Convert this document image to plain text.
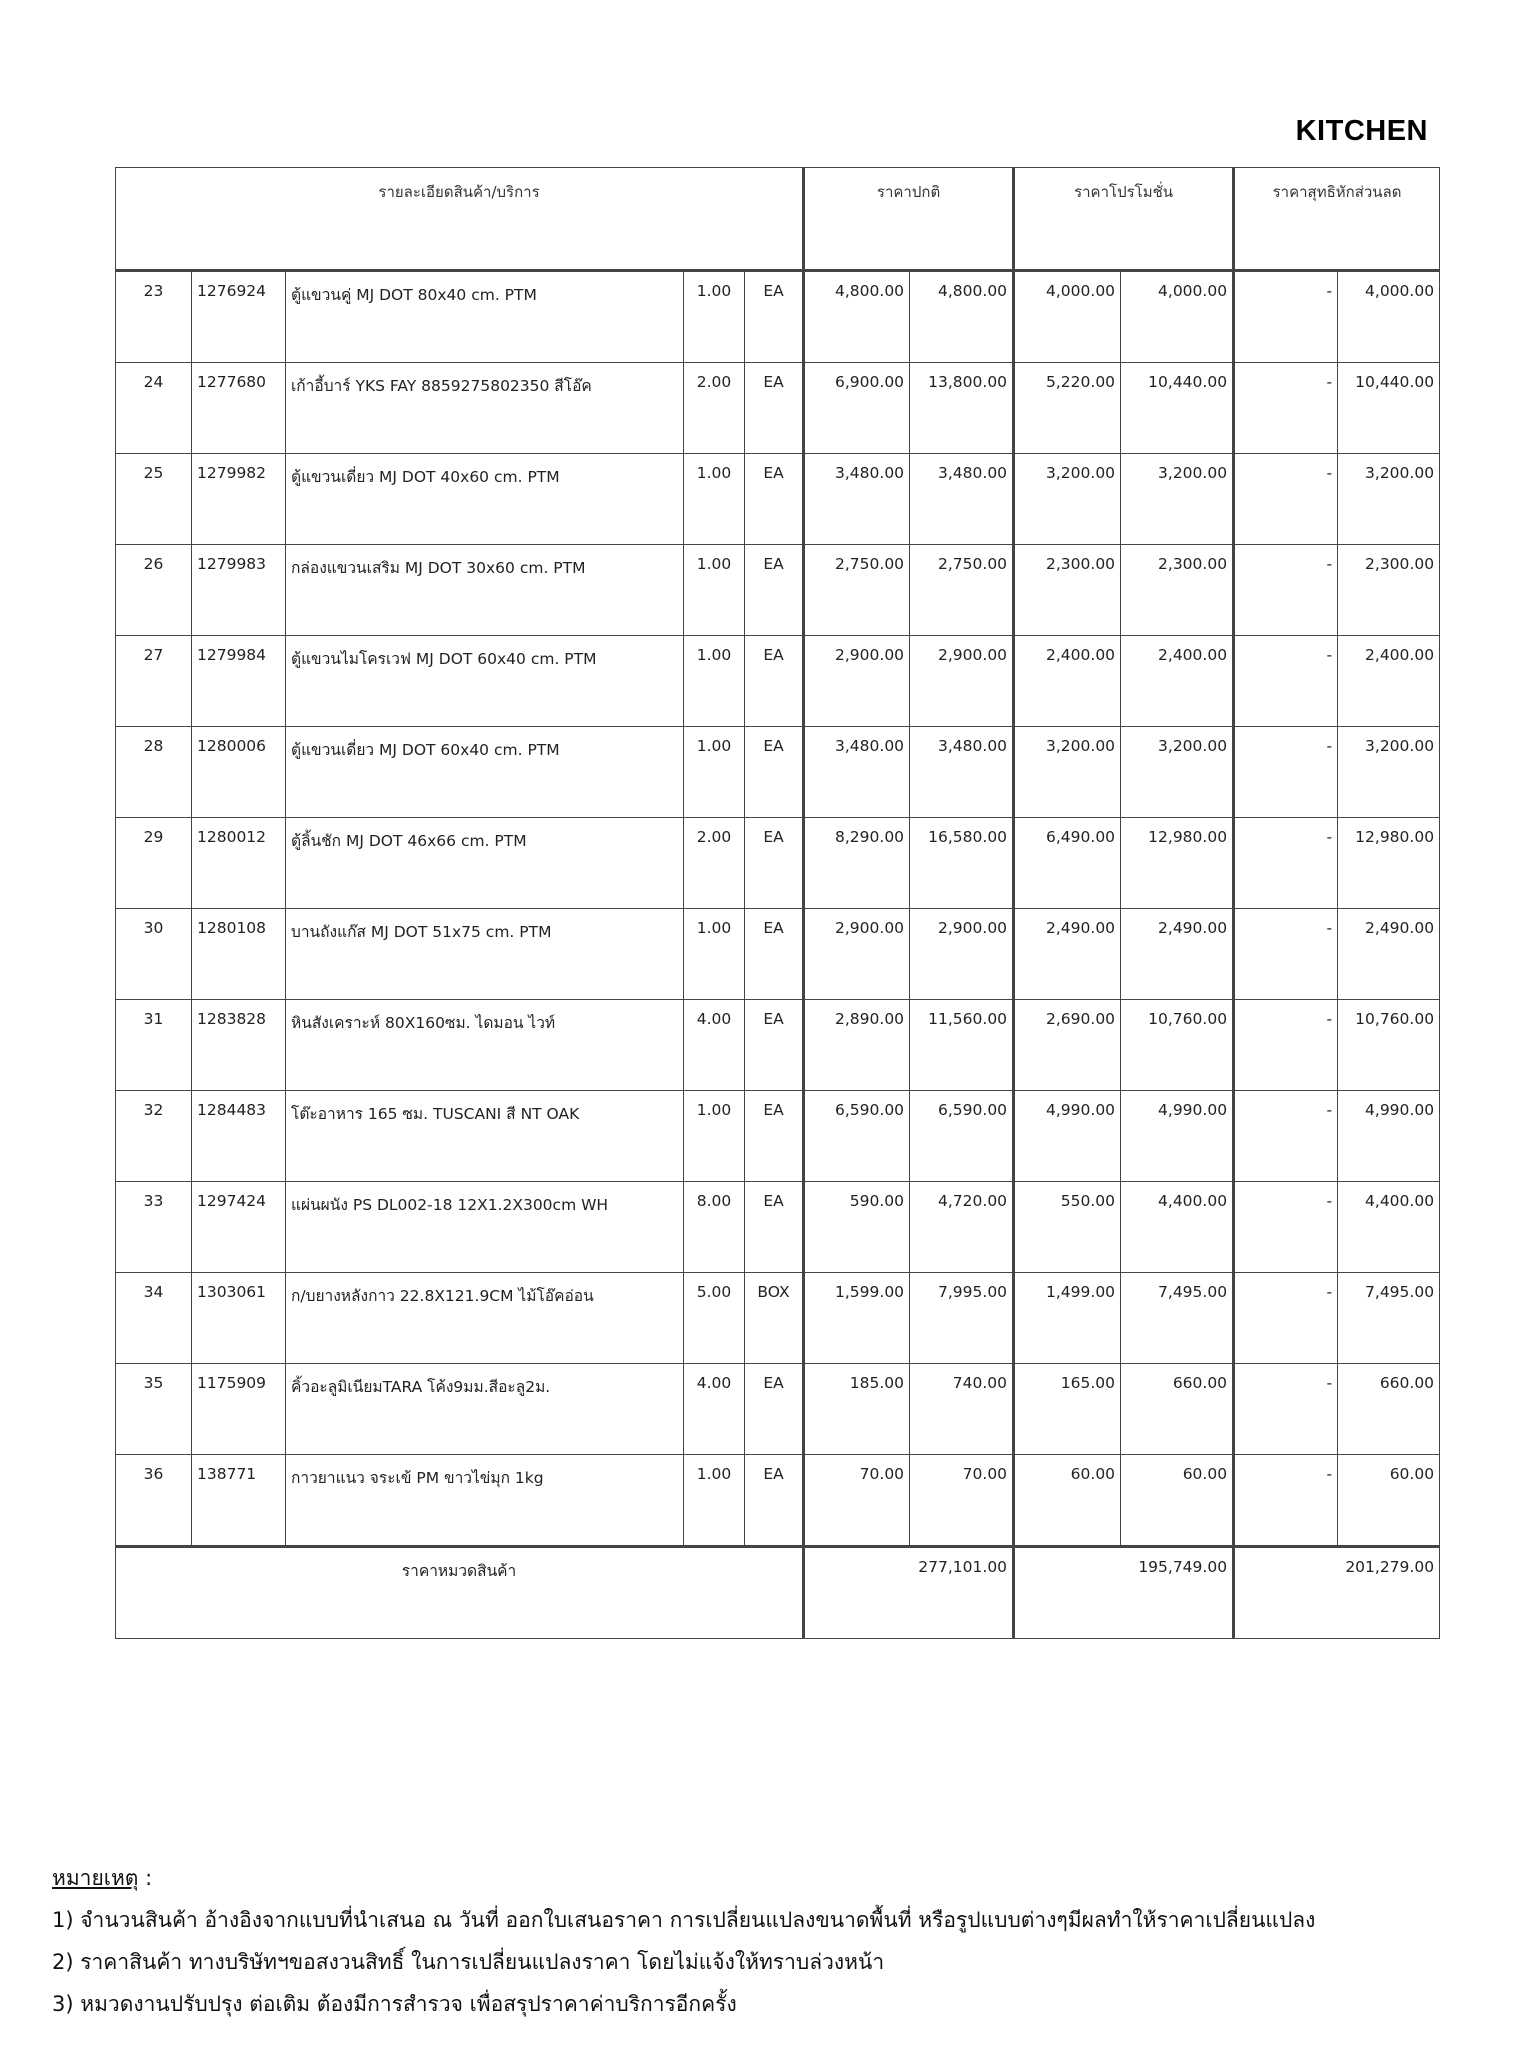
KITCHEN
รายละเอียดสินค้า/บริการ					ราคาปกติ		ราคาโปรโมชั่น		ราคาสุทธิหักส่วนลด	
23	1276924	ตู้แขวนคู่ MJ DOT 80x40 cm. PTM	1.00	EA	4,800.00	4,800.00	4,000.00	4,000.00	-	4,000.00
24	1277680	เก้าอี้บาร์ YKS FAY 8859275802350 สีโอ๊ค	2.00	EA	6,900.00	13,800.00	5,220.00	10,440.00	-	10,440.00
25	1279982	ตู้แขวนเดี่ยว MJ DOT 40x60 cm. PTM	1.00	EA	3,480.00	3,480.00	3,200.00	3,200.00	-	3,200.00
26	1279983	กล่องแขวนเสริม MJ DOT 30x60 cm. PTM	1.00	EA	2,750.00	2,750.00	2,300.00	2,300.00	-	2,300.00
27	1279984	ตู้แขวนไมโครเวฟ MJ DOT 60x40 cm. PTM	1.00	EA	2,900.00	2,900.00	2,400.00	2,400.00	-	2,400.00
28	1280006	ตู้แขวนเดี่ยว MJ DOT 60x40 cm. PTM	1.00	EA	3,480.00	3,480.00	3,200.00	3,200.00	-	3,200.00
29	1280012	ตู้ลิ้นชัก MJ DOT 46x66 cm. PTM	2.00	EA	8,290.00	16,580.00	6,490.00	12,980.00	-	12,980.00
30	1280108	บานถังแก๊ส MJ DOT 51x75 cm. PTM	1.00	EA	2,900.00	2,900.00	2,490.00	2,490.00	-	2,490.00
31	1283828	หินสังเคราะห์ 80X160ซม. ไดมอน ไวท์	4.00	EA	2,890.00	11,560.00	2,690.00	10,760.00	-	10,760.00
32	1284483	โต๊ะอาหาร 165 ซม. TUSCANI สี NT OAK	1.00	EA	6,590.00	6,590.00	4,990.00	4,990.00	-	4,990.00
33	1297424	แผ่นผนัง PS DL002-18 12X1.2X300cm WH	8.00	EA	590.00	4,720.00	550.00	4,400.00	-	4,400.00
34	1303061	ก/บยางหลังกาว 22.8X121.9CM ไม้โอ๊คอ่อน	5.00	BOX	1,599.00	7,995.00	1,499.00	7,495.00	-	7,495.00
35	1175909	คิ้วอะลูมิเนียมTARA โค้ง9มม.สีอะลู2ม.	4.00	EA	185.00	740.00	165.00	660.00	-	660.00
36	138771	กาวยาแนว จระเข้ PM ขาวไข่มุก 1kg	1.00	EA	70.00	70.00	60.00	60.00	-	60.00
ราคาหมวดสินค้า					277,101.00		195,749.00		201,279.00	
หมายเหตุ :
1) จำนวนสินค้า อ้างอิงจากแบบที่นำเสนอ ณ วันที่ ออกใบเสนอราคา การเปลี่ยนแปลงขนาดพื้นที่ หรือรูปแบบต่างๆมีผลทำให้ราคาเปลี่ยนแปลง
2) ราคาสินค้า ทางบริษัทฯขอสงวนสิทธิ์ ในการเปลี่ยนแปลงราคา โดยไม่แจ้งให้ทราบล่วงหน้า
3) หมวดงานปรับปรุง ต่อเติม ต้องมีการสำรวจ เพื่อสรุปราคาค่าบริการอีกครั้ง
